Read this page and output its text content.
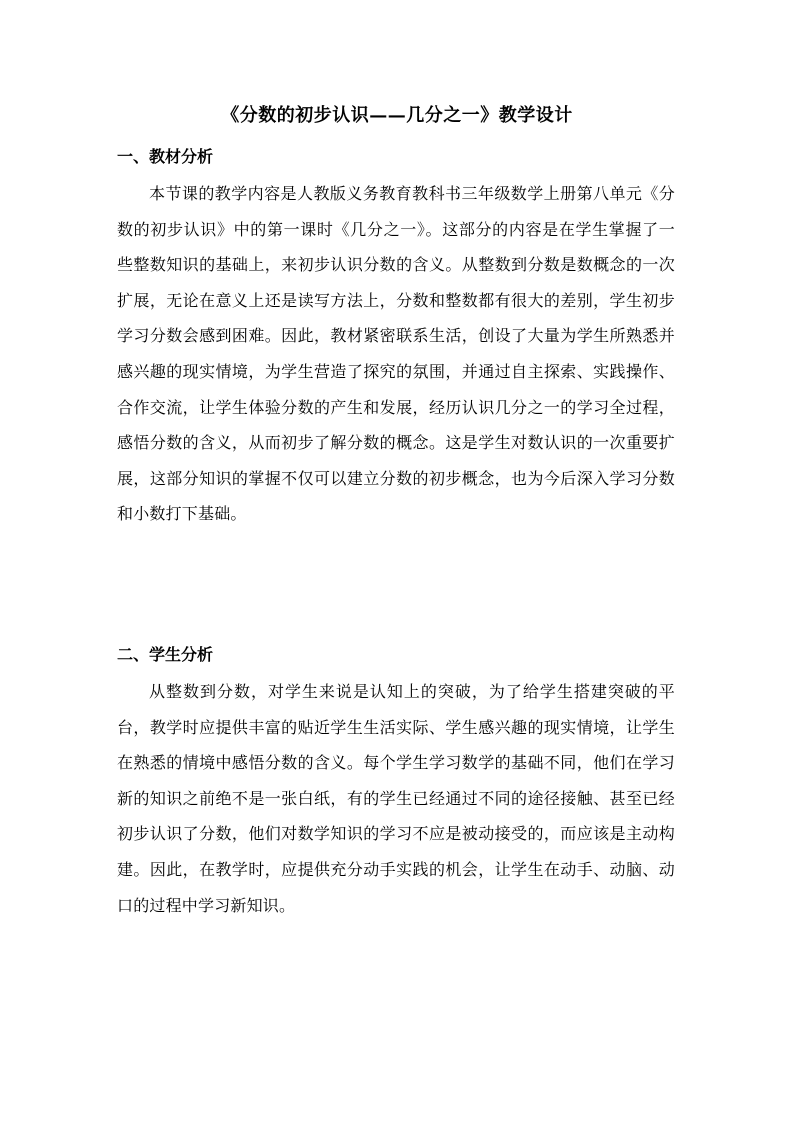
《分数的初步认识——几分之一》教学设计
一、教材分析

本节课的教学内容是人教版义务教育教科书三年级数学上册第八单元《分数的初步认识》中的第一课时《几分之一》。这部分的内容是在学生掌握了一些整数知识的基础上，来初步认识分数的含义。从整数到分数是数概念的一次扩展，无论在意义上还是读写方法上，分数和整数都有很大的差别，学生初步学习分数会感到困难。因此，教材紧密联系生活，创设了大量为学生所熟悉并感兴趣的现实情境，为学生营造了探究的氛围，并通过自主探索、实践操作、合作交流，让学生体验分数的产生和发展，经历认识几分之一的学习全过程，感悟分数的含义，从而初步了解分数的概念。这是学生对数认识的一次重要扩展，这部分知识的掌握不仅可以建立分数的初步概念，也为今后深入学习分数和小数打下基础。

二、学生分析

从整数到分数，对学生来说是认知上的突破，为了给学生搭建突破的平台，教学时应提供丰富的贴近学生生活实际、学生感兴趣的现实情境，让学生在熟悉的情境中感悟分数的含义。每个学生学习数学的基础不同，他们在学习新的知识之前绝不是一张白纸，有的学生已经通过不同的途径接触、甚至已经初步认识了分数，他们对数学知识的学习不应是被动接受的，而应该是主动构建。因此，在教学时，应提供充分动手实践的机会，让学生在动手、动脑、动口的过程中学习新知识。
